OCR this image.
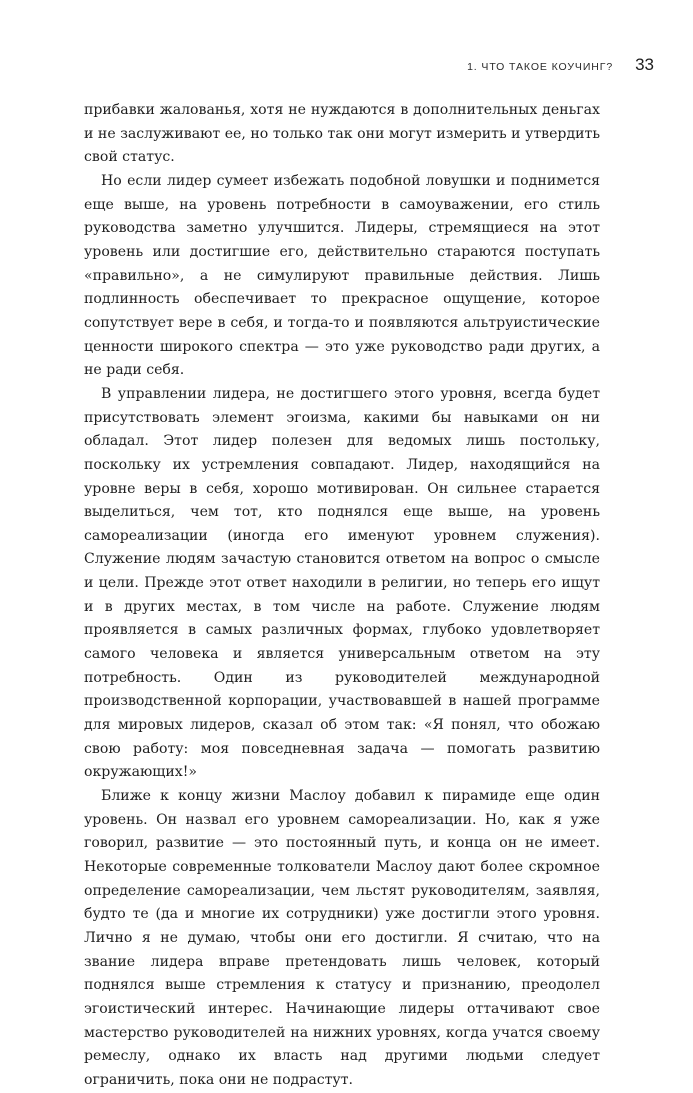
1. ЧТО ТАКОЕ КОУЧИНГ? 33

прибавки жалованья, хотя не нуждаются в дополнительных деньгах и не заслуживают ее, но только так они могут измерить и утвердить свой статус.

Но если лидер сумеет избежать подобной ловушки и поднимется еще выше, на уровень потребности в самоуважении, его стиль руководства заметно улучшится. Лидеры, стремящиеся на этот уровень или достигшие его, действительно стараются поступать «правильно», а не симулируют правильные действия. Лишь подлинность обеспечивает то прекрасное ощущение, которое сопутствует вере в себя, и тогда-то и появляются альтруистические ценности широкого спектра — это уже руководство ради других, а не ради себя.

В управлении лидера, не достигшего этого уровня, всегда будет присутствовать элемент эгоизма, какими бы навыками он ни обладал. Этот лидер полезен для ведомых лишь постольку, поскольку их устремления совпадают. Лидер, находящийся на уровне веры в себя, хорошо мотивирован. Он сильнее старается выделиться, чем тот, кто поднялся еще выше, на уровень самореализации (иногда его именуют уровнем служения). Служение людям зачастую становится ответом на вопрос о смысле и цели. Прежде этот ответ находили в религии, но теперь его ищут и в других местах, в том числе на работе. Служение людям проявляется в самых различных формах, глубоко удовлетворяет самого человека и является универсальным ответом на эту потребность. Один из руководителей международной производственной корпорации, участвовавшей в нашей программе для мировых лидеров, сказал об этом так: «Я понял, что обожаю свою работу: моя повседневная задача — помогать развитию окружающих!»

Ближе к концу жизни Маслоу добавил к пирамиде еще один уровень. Он назвал его уровнем самореализации. Но, как я уже говорил, развитие — это постоянный путь, и конца он не имеет. Некоторые современные толкователи Маслоу дают более скромное определение самореализации, чем льстят руководителям, заявляя, будто те (да и многие их сотрудники) уже достигли этого уровня. Лично я не думаю, чтобы они его достигли. Я считаю, что на звание лидера вправе претендовать лишь человек, который поднялся выше стремления к статусу и признанию, преодолел эгоистический интерес. Начинающие лидеры оттачивают свое мастерство руководителей на нижних уровнях, когда учатся своему ремеслу, однако их власть над другими людьми следует ограничить, пока они не подрастут.
